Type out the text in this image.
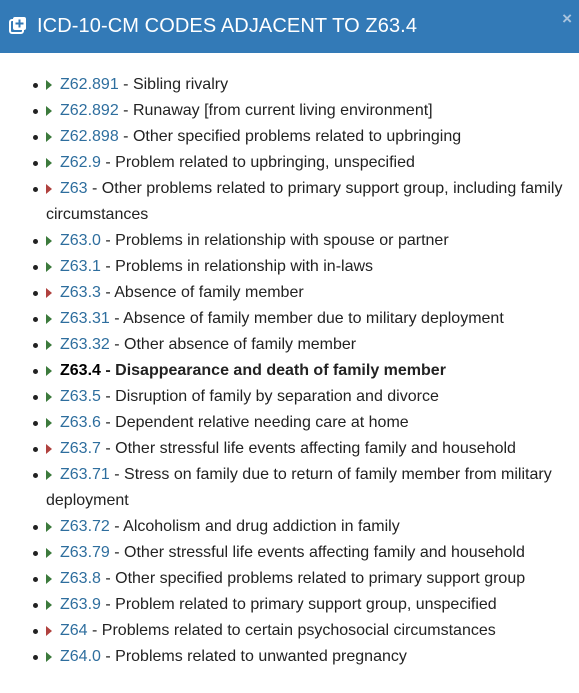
ICD-10-CM CODES ADJACENT TO Z63.4	×
Z62.891 - Sibling rivalry
Z62.892 - Runaway [from current living environment]
Z62.898 - Other specified problems related to upbringing
Z62.9 - Problem related to upbringing, unspecified
Z63 - Other problems related to primary support group, including family circumstances
Z63.0 - Problems in relationship with spouse or partner
Z63.1 - Problems in relationship with in-laws
Z63.3 - Absence of family member
Z63.31 - Absence of family member due to military deployment
Z63.32 - Other absence of family member
Z63.4 - Disappearance and death of family member
Z63.5 - Disruption of family by separation and divorce
Z63.6 - Dependent relative needing care at home
Z63.7 - Other stressful life events affecting family and household
Z63.71 - Stress on family due to return of family member from military deployment
Z63.72 - Alcoholism and drug addiction in family
Z63.79 - Other stressful life events affecting family and household
Z63.8 - Other specified problems related to primary support group
Z63.9 - Problem related to primary support group, unspecified
Z64 - Problems related to certain psychosocial circumstances
Z64.0 - Problems related to unwanted pregnancy
